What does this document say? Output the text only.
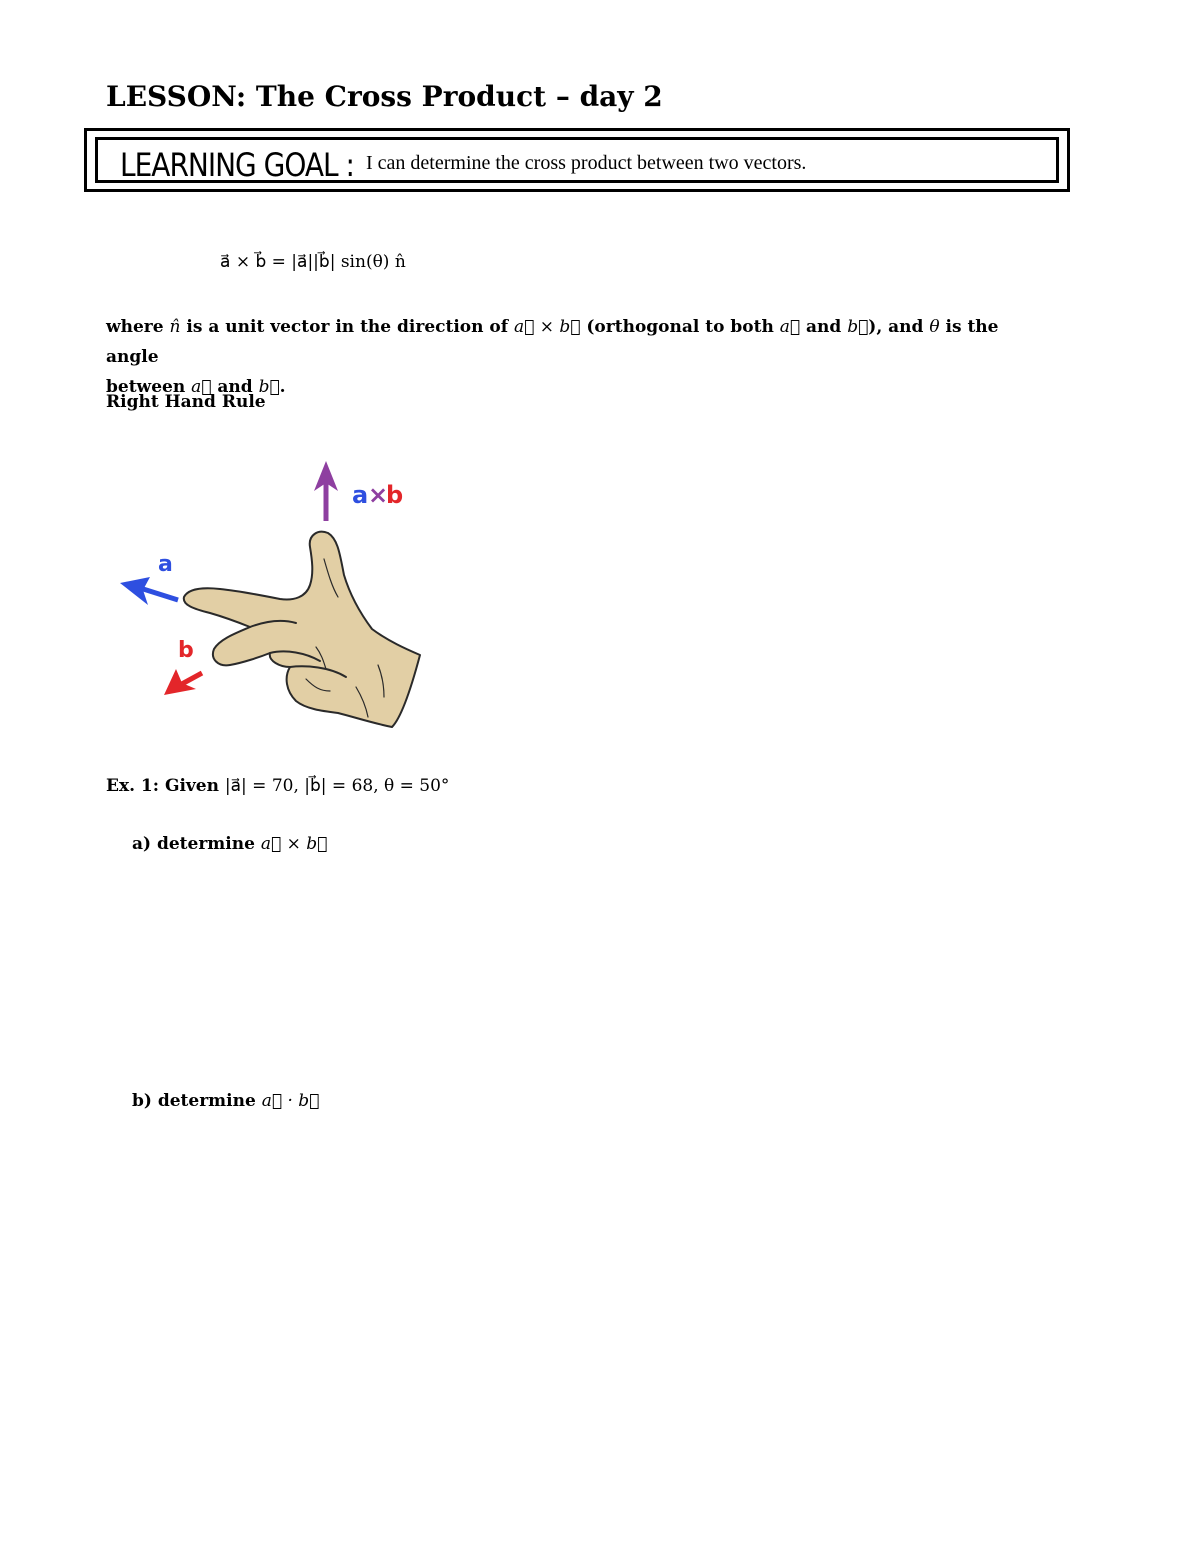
LESSON: The Cross Product – day 2
LEARNING GOAL : I can determine the cross product between two vectors.
a⃗ × b⃗ = |a⃗||b⃗| sin(θ) n̂
where n̂ is a unit vector in the direction of a⃗ × b⃗ (orthogonal to both a⃗ and b⃗), and θ is the angle
between a⃗ and b⃗.
Right Hand Rule
a ×
b
a
b
Ex. 1: Given |a⃗| = 70, |b⃗| = 68, θ = 50°
a) determine a⃗ × b⃗
b) determine a⃗ · b⃗
